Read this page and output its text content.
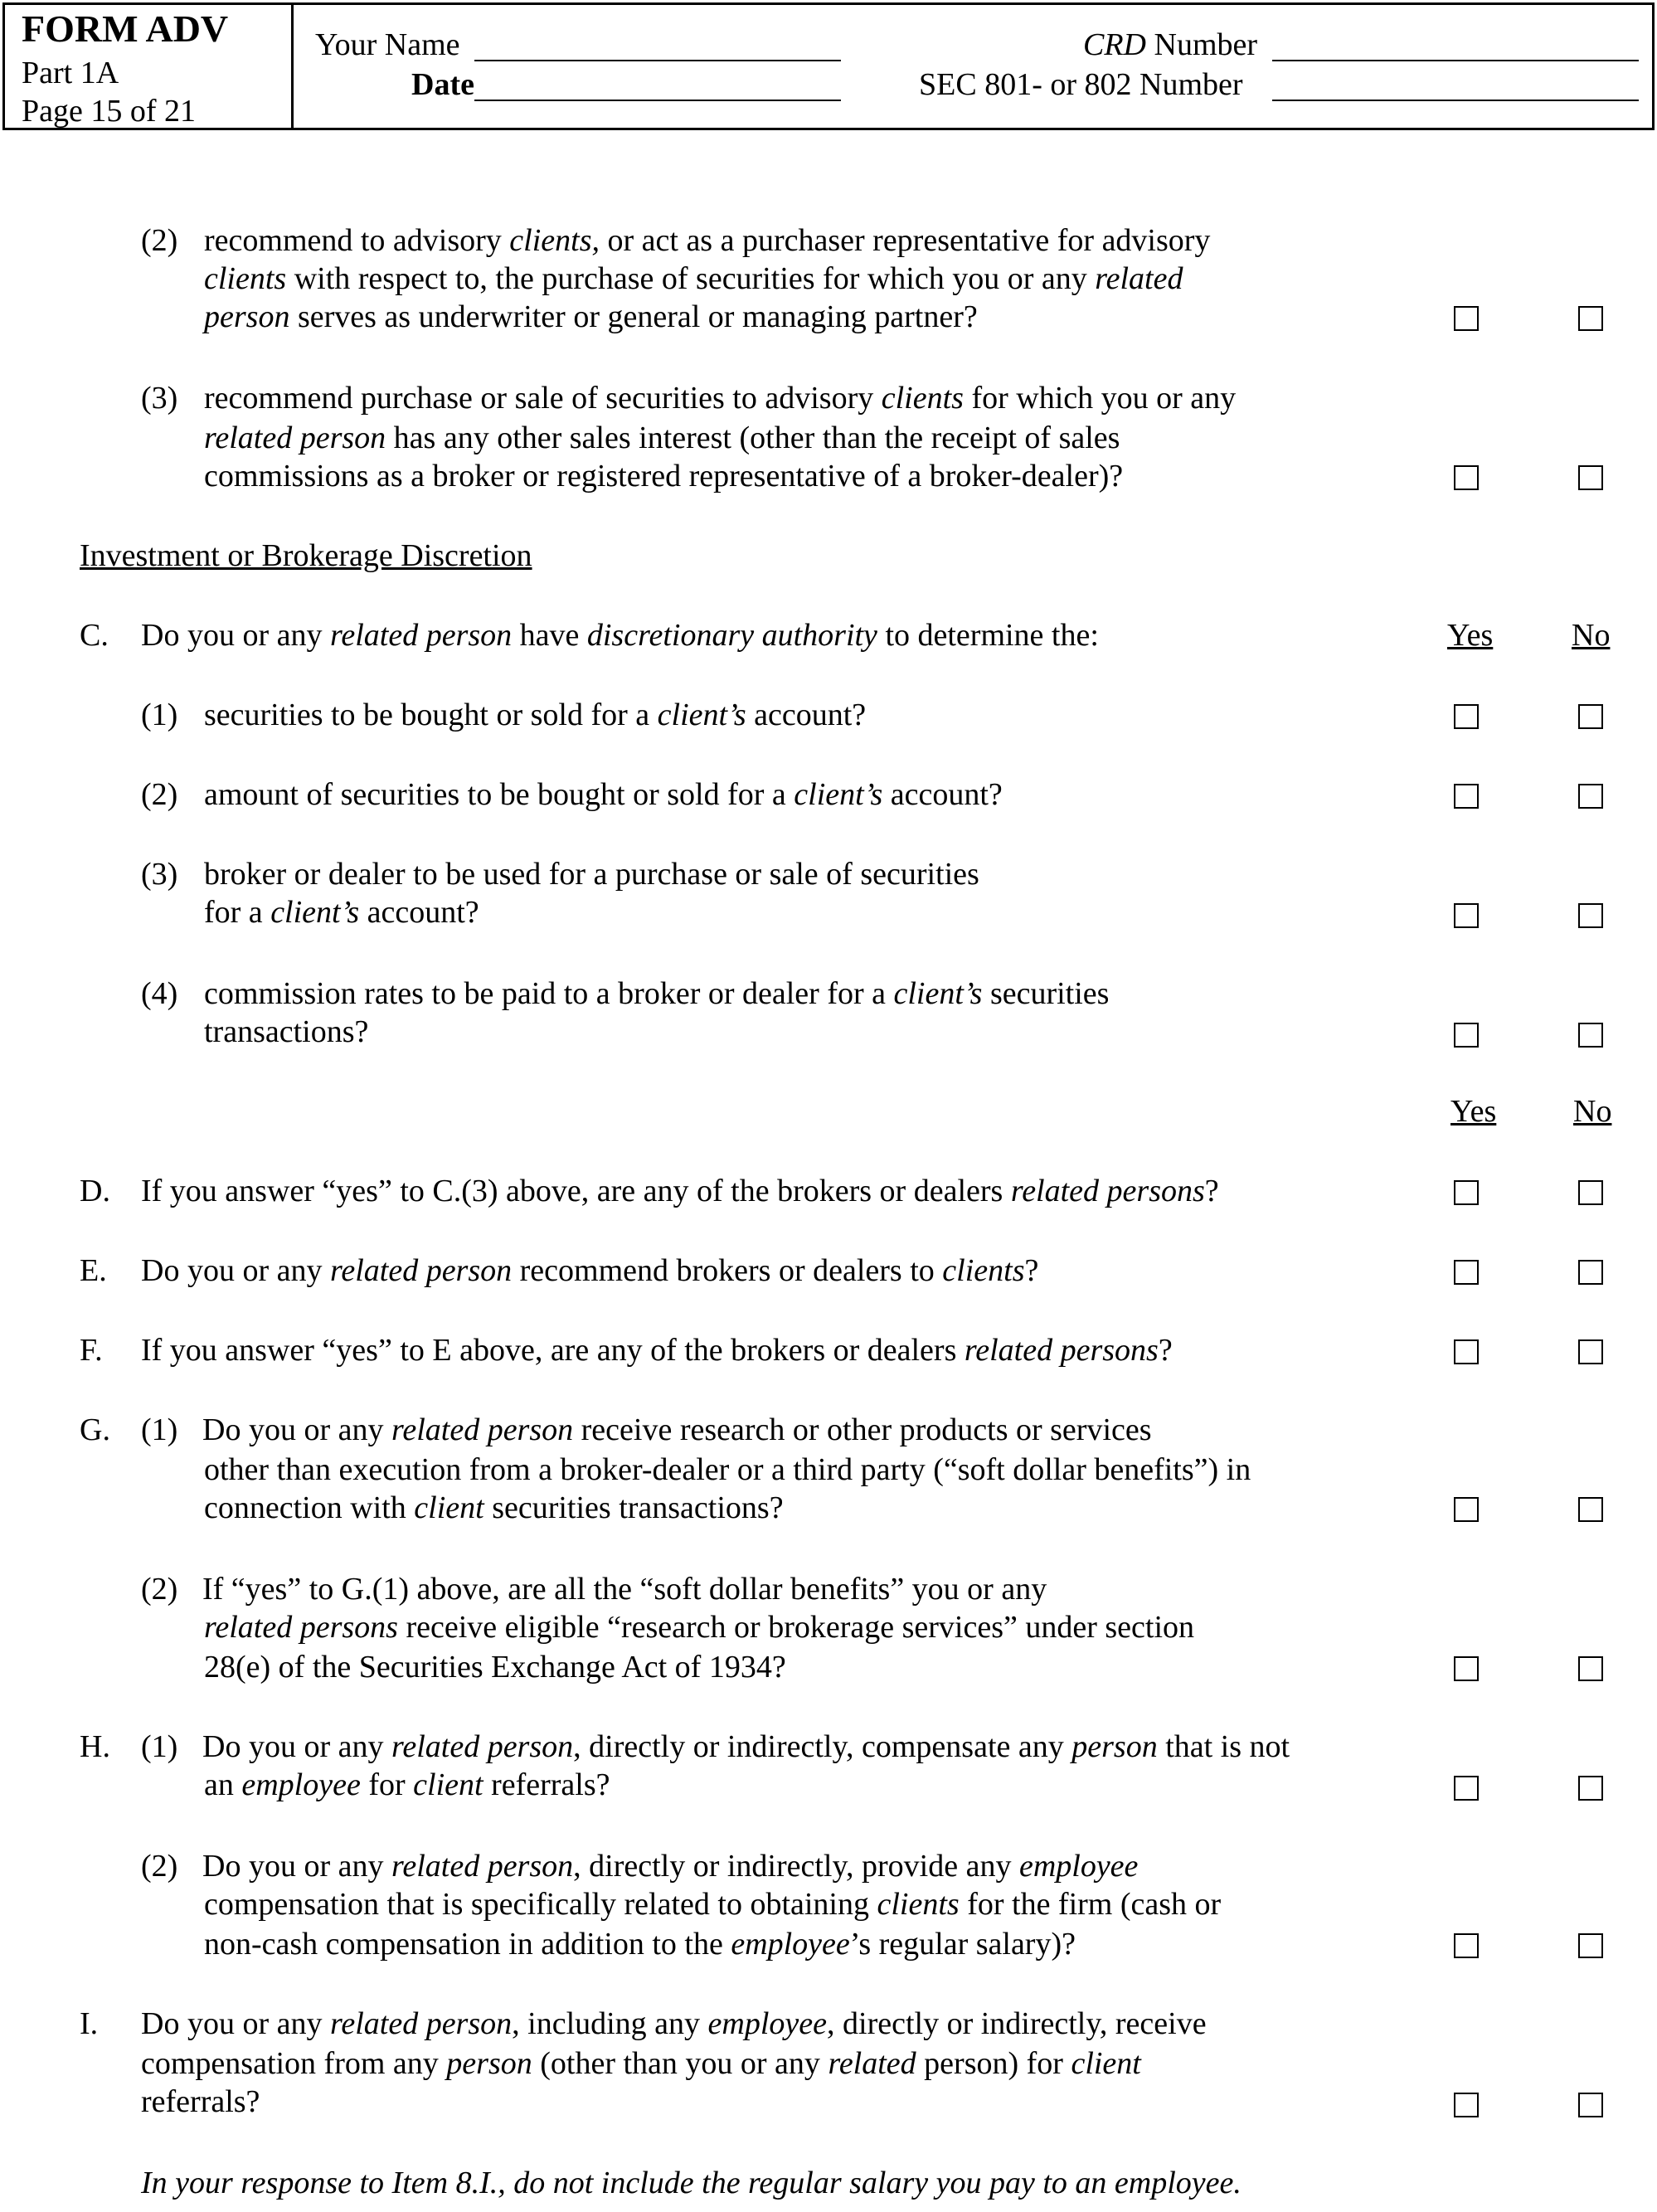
FORM ADV
Part 1A
Page 15 of 21
Your Name
Date
CRD Number
SEC 801- or 802 Number
(2) recommend to advisory clients, or act as a purchaser representative for advisory
clients with respect to, the purchase of securities for which you or any related
person serves as underwriter or general or managing partner?
(3) recommend purchase or sale of securities to advisory clients for which you or any
related person has any other sales interest (other than the receipt of sales
commissions as a broker or registered representative of a broker-dealer)?
Investment or Brokerage Discretion
C. Do you or any related person have discretionary authority to determine the:	Yes No
(1) securities to be bought or sold for a client’s account?
(2) amount of securities to be bought or sold for a client’s account?
(3) broker or dealer to be used for a purchase or sale of securities
for a client’s account?
(4) commission rates to be paid to a broker or dealer for a client’s securities
transactions?
Yes No
D. If you answer “yes” to C.(3) above, are any of the brokers or dealers related persons?
E. Do you or any related person recommend brokers or dealers to clients?
F. If you answer “yes” to E above, are any of the brokers or dealers related persons?
G. (1) Do you or any related person receive research or other products or services
other than execution from a broker-dealer or a third party (“soft dollar benefits”) in
connection with client securities transactions?
(2) If “yes” to G.(1) above, are all the “soft dollar benefits” you or any
related persons receive eligible “research or brokerage services” under section
28(e) of the Securities Exchange Act of 1934?
H. (1) Do you or any related person, directly or indirectly, compensate any person that is not
an employee for client referrals?
(2) Do you or any related person, directly or indirectly, provide any employee
compensation that is specifically related to obtaining clients for the firm (cash or
non-cash compensation in addition to the employee’s regular salary)?
I. Do you or any related person, including any employee, directly or indirectly, receive
compensation from any person (other than you or any related person) for client
referrals?
In your response to Item 8.I., do not include the regular salary you pay to an employee.
